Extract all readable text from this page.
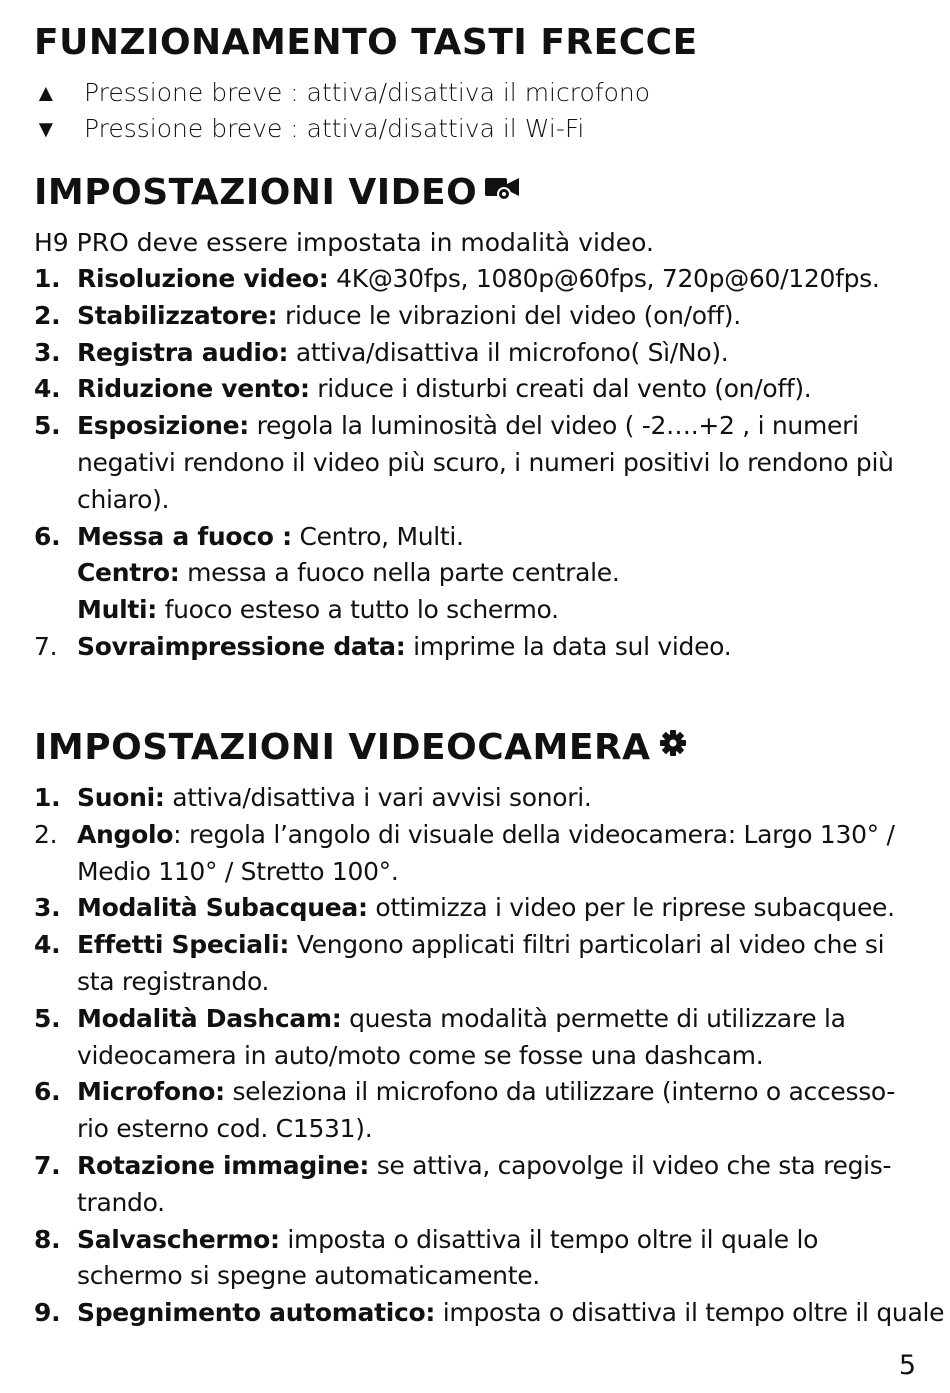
FUNZIONAMENTO TASTI FRECCE
▲ Pressione breve : attiva/disattiva il microfono
▼ Pressione breve : attiva/disattiva il Wi-Fi
IMPOSTAZIONI VIDEO
H9 PRO deve essere impostata in modalità video.
1. Risoluzione video: 4K@30fps, 1080p@60fps, 720p@60/120fps.
2. Stabilizzatore: riduce le vibrazioni del video (on/off).
3. Registra audio: attiva/disattiva il microfono( Sì/No).
4. Riduzione vento: riduce i disturbi creati dal vento (on/off).
5. Esposizione: regola la luminosità del video ( -2….+2 , i numeri negativi rendono il video più scuro, i numeri positivi lo rendono più chiaro).
6. Messa a fuoco : Centro, Multi.
Centro: messa a fuoco nella parte centrale.
Multi: fuoco esteso a tutto lo schermo.
7. Sovraimpressione data: imprime la data sul video.
IMPOSTAZIONI VIDEOCAMERA
1. Suoni: attiva/disattiva i vari avvisi sonori.
2. Angolo: regola l’angolo di visuale della videocamera: Largo 130° / Medio 110° / Stretto 100°.
3. Modalità Subacquea: ottimizza i video per le riprese subacquee.
4. Effetti Speciali: Vengono applicati filtri particolari al video che si sta registrando.
5. Modalità Dashcam: questa modalità permette di utilizzare la videocamera in auto/moto come se fosse una dashcam.
6. Microfono: seleziona il microfono da utilizzare (interno o accesso-rio esterno cod. C1531).
7. Rotazione immagine: se attiva, capovolge il video che sta regis-trando.
8. Salvaschermo: imposta o disattiva il tempo oltre il quale lo schermo si spegne automaticamente.
9. Spegnimento automatico: imposta o disattiva il tempo oltre il quale
5
